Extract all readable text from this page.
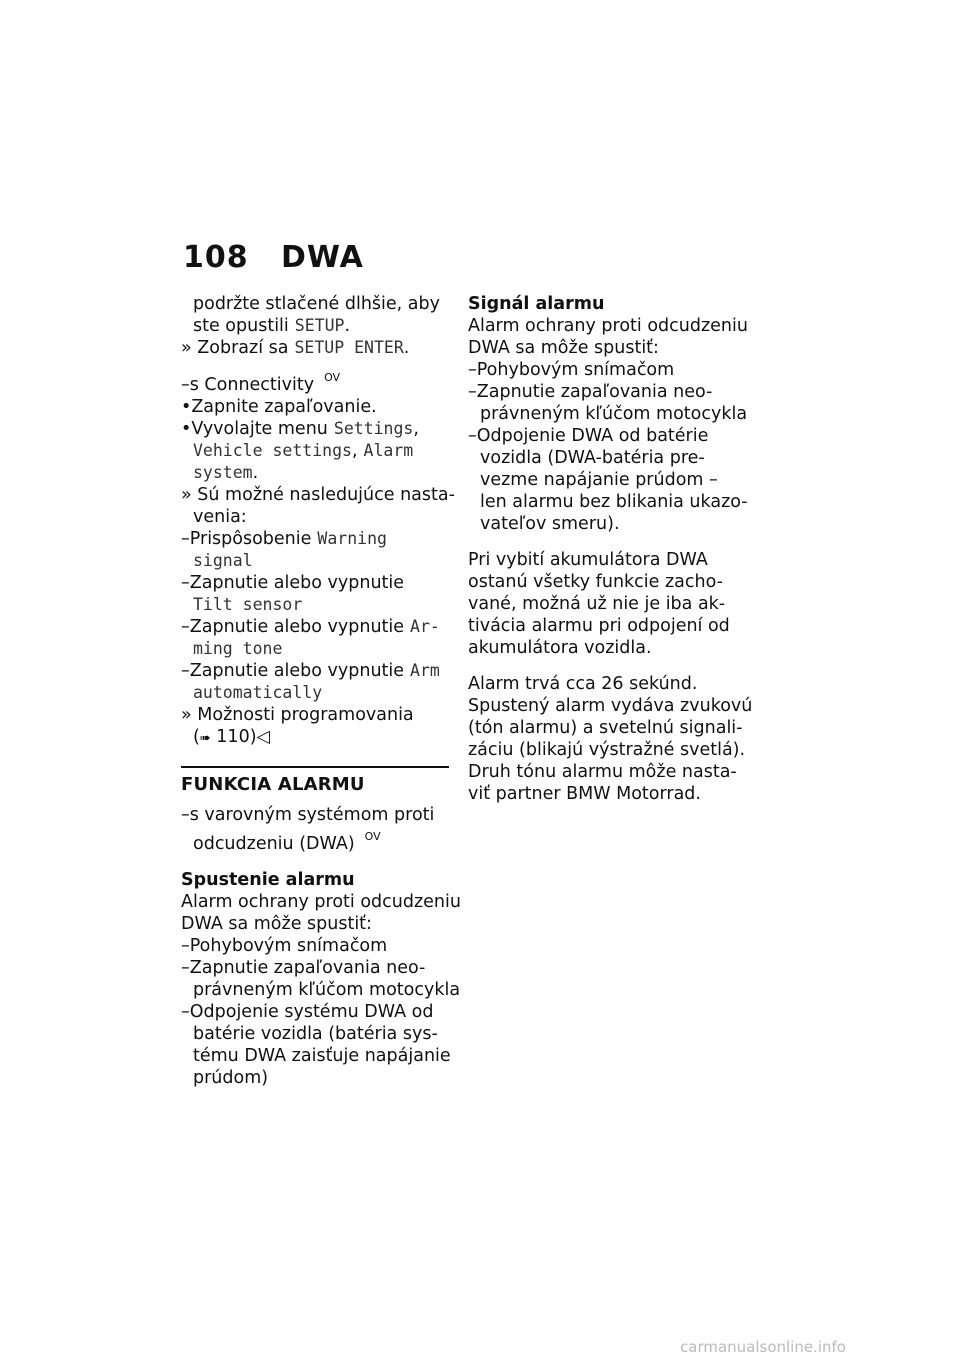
108 DWA
podržte stlačené dlhšie, aby
ste opustili SETUP.
» Zobrazí sa SETUP ENTER.
–s Connectivity $^{OV}$
•Zapnite zapaľovanie.
•Vyvolajte menu Settings,
Vehicle settings, Alarm
system.
» Sú možné nasledujúce nasta-
venia:
–Prispôsobenie Warning
signal
–Zapnutie alebo vypnutie
Tilt sensor
–Zapnutie alebo vypnutie Ar-
ming tone
–Zapnutie alebo vypnutie Arm
automatically
» Možnosti programovania
(➠ 110)◁
FUNKCIA ALARMU
–s varovným systémom proti
odcudzeniu (DWA) $^{OV}$
Spustenie alarmu
Alarm ochrany proti odcudzeniu
DWA sa môže spustiť:
–Pohybovým snímačom
–Zapnutie zapaľovania neo-
právneným kľúčom motocykla
–Odpojenie systému DWA od
batérie vozidla (batéria sys-
tému DWA zaisťuje napájanie
prúdom)
Signál alarmu
Alarm ochrany proti odcudzeniu
DWA sa môže spustiť:
–Pohybovým snímačom
–Zapnutie zapaľovania neo-
právneným kľúčom motocykla
–Odpojenie DWA od batérie
vozidla (DWA-batéria pre-
vezme napájanie prúdom –
len alarmu bez blikania ukazo-
vateľov smeru).
Pri vybití akumulátora DWA
ostanú všetky funkcie zacho-
vané, možná už nie je iba ak-
tivácia alarmu pri odpojení od
akumulátora vozidla.
Alarm trvá cca 26 sekúnd.
Spustený alarm vydáva zvukovú
(tón alarmu) a svetelnú signali-
záciu (blikajú výstražné svetlá).
Druh tónu alarmu môže nasta-
viť partner BMW Motorrad.
carmanualsonline.info
